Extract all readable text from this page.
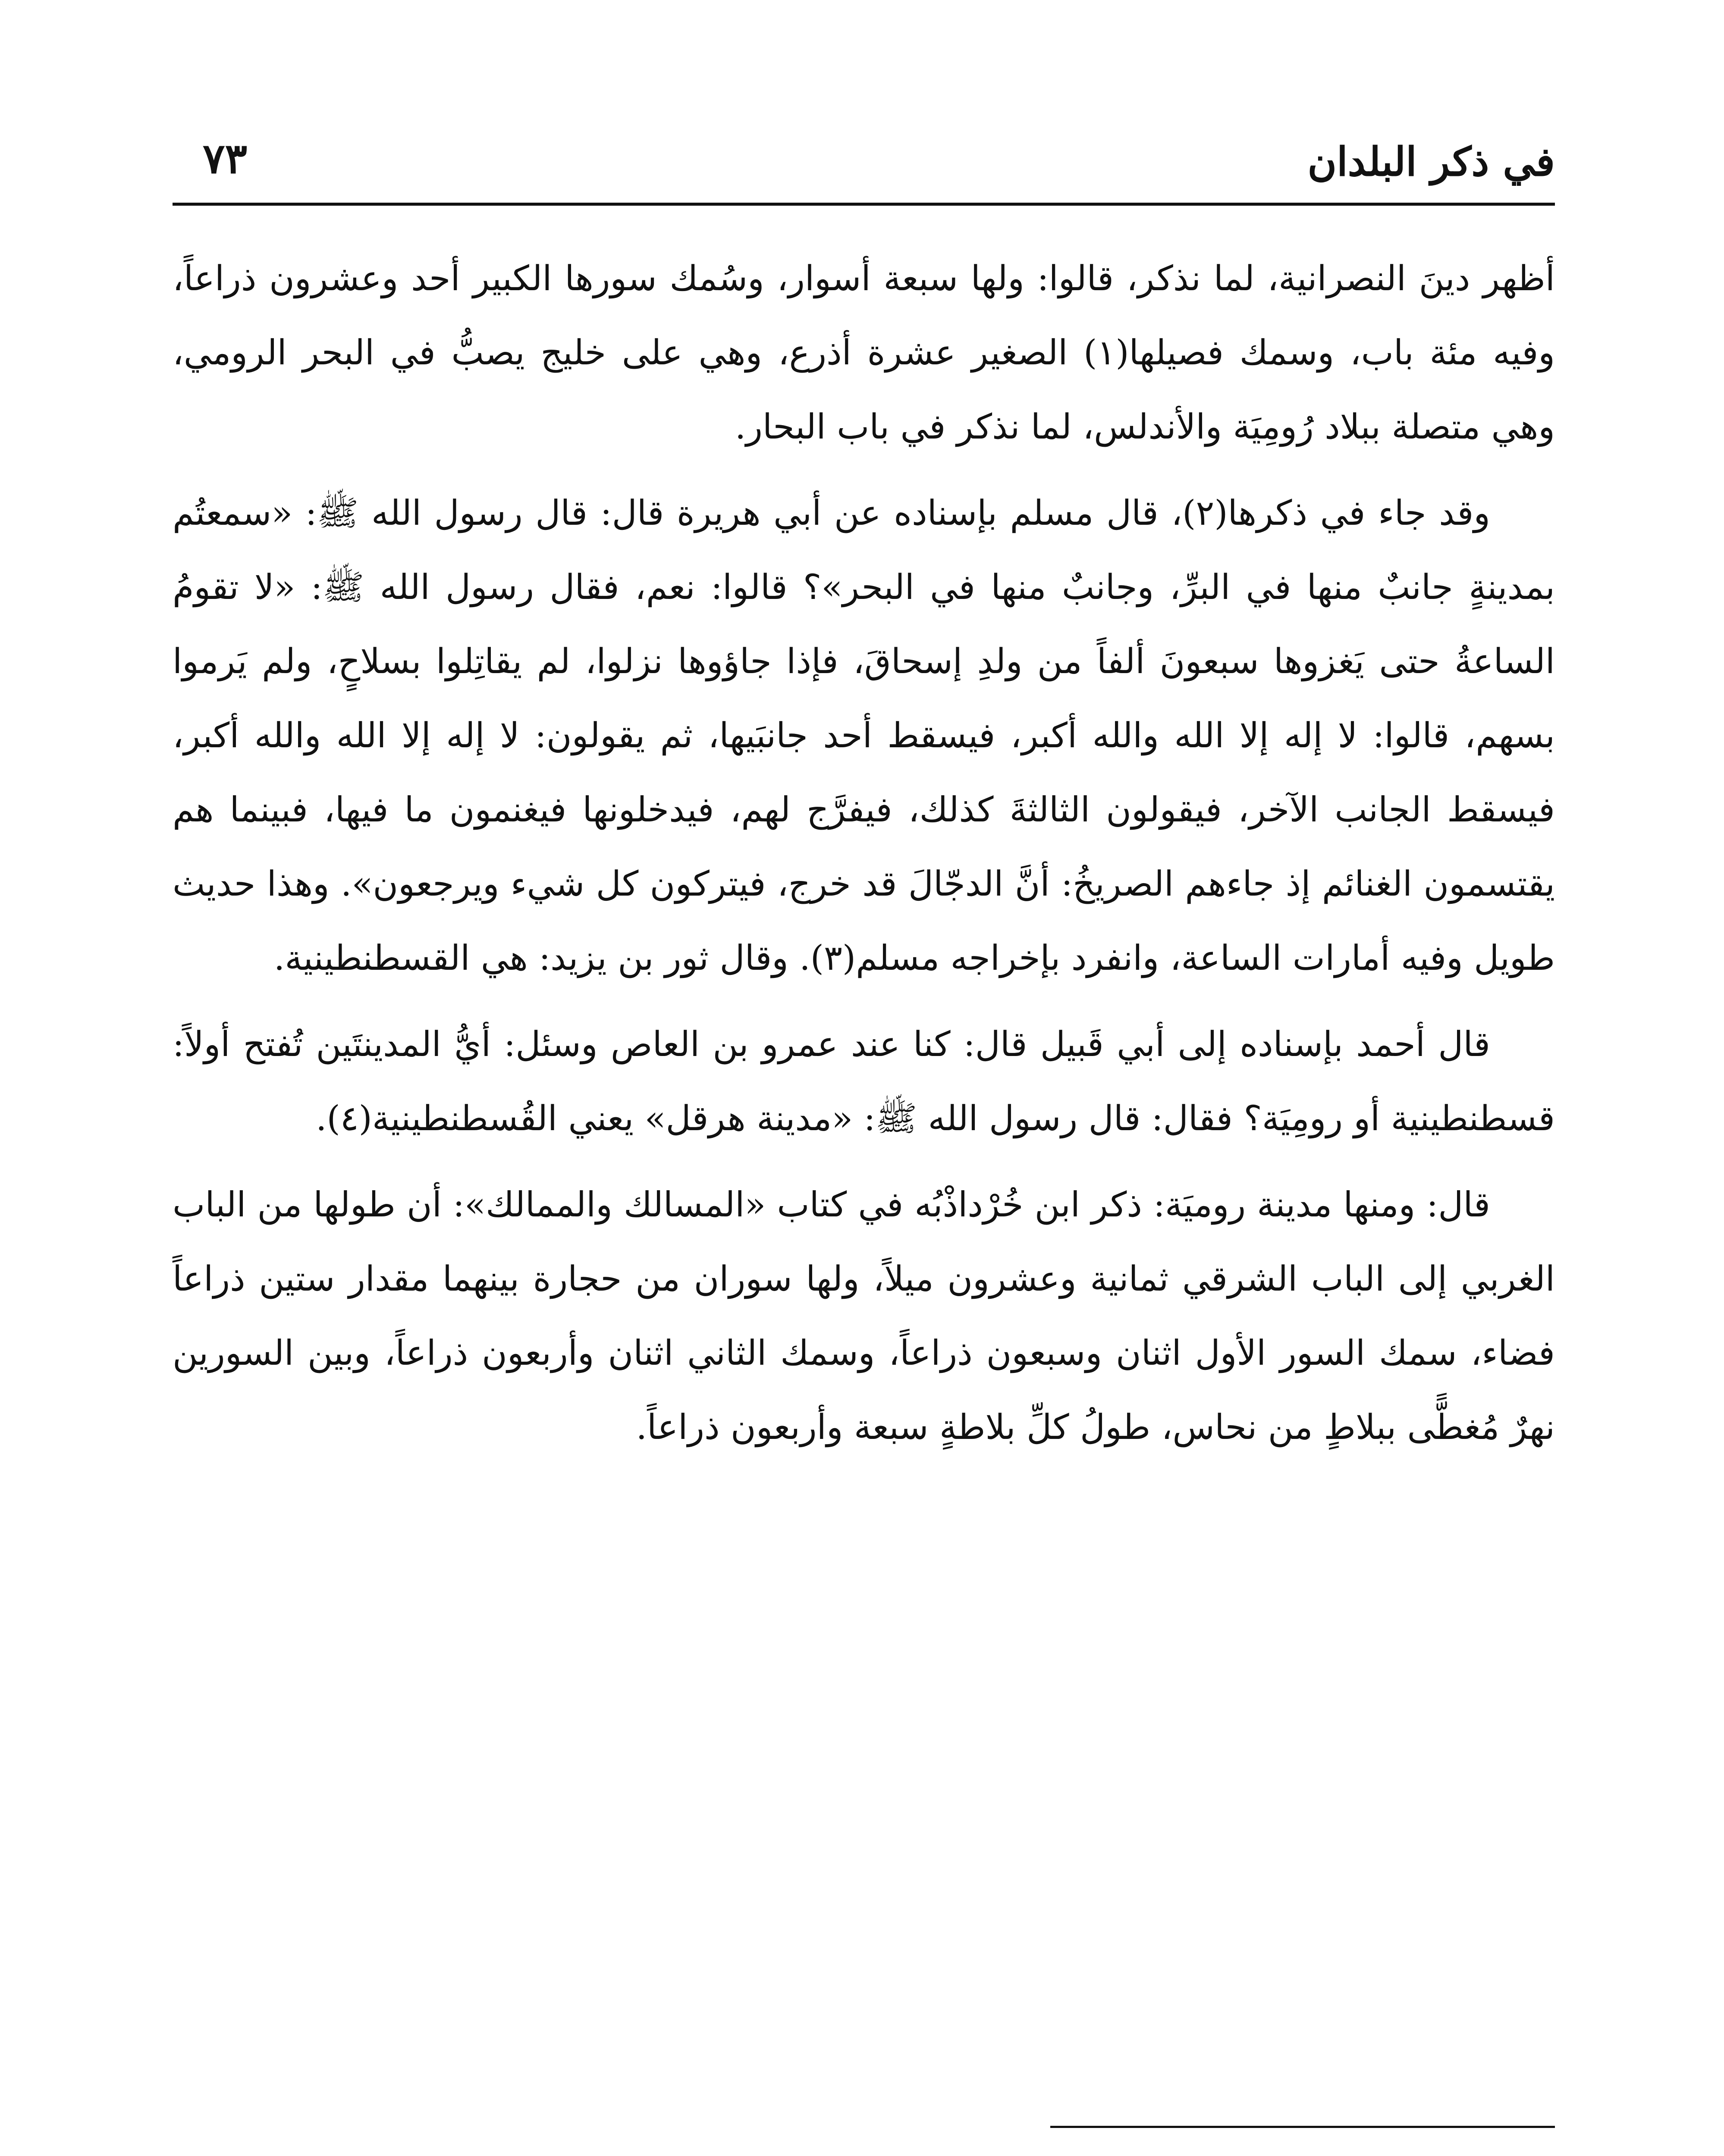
في ذكر البلدان
٧٣

أظهر دينَ النصرانية، لما نذكر، قالوا: ولها سبعة أسوار، وسُمك سورها الكبير أحد وعشرون ذراعاً، وفيه مئة باب، وسمك فصيلها(١) الصغير عشرة أذرع، وهي على خليج يصبُّ في البحر الرومي، وهي متصلة ببلاد رُومِيَة والأندلس، لما نذكر في باب البحار.

وقد جاء في ذكرها(٢)، قال مسلم بإسناده عن أبي هريرة قال: قال رسول الله ﷺ: «سمعتُم بمدينةٍ جانبٌ منها في البرِّ، وجانبٌ منها في البحر»؟ قالوا: نعم، فقال رسول الله ﷺ: «لا تقومُ الساعةُ حتى يَغزوها سبعونَ ألفاً من ولدِ إسحاقَ، فإذا جاؤوها نزلوا، لم يقاتِلوا بسلاحٍ، ولم يَرموا بسهم، قالوا: لا إله إلا الله والله أكبر، فيسقط أحد جانبَيها، ثم يقولون: لا إله إلا الله والله أكبر، فيسقط الجانب الآخر، فيقولون الثالثةَ كذلك، فيفرَّج لهم، فيدخلونها فيغنمون ما فيها، فبينما هم يقتسمون الغنائم إذ جاءهم الصريخُ: أنَّ الدجّالَ قد خرج، فيتركون كل شيء ويرجعون». وهذا حديث طويل وفيه أمارات الساعة، وانفرد بإخراجه مسلم(٣). وقال ثور بن يزيد: هي القسطنطينية.

قال أحمد بإسناده إلى أبي قَبيل قال: كنا عند عمرو بن العاص وسئل: أيُّ المدينتَين تُفتح أولاً: قسطنطينية أو رومِيَة؟ فقال: قال رسول الله ﷺ: «مدينة هرقل» يعني القُسطنطينية(٤).

قال: ومنها مدينة روميَة: ذكر ابن خُرْداذْبُه في كتاب «المسالك والممالك»: أن طولها من الباب الغربي إلى الباب الشرقي ثمانية وعشرون ميلاً، ولها سوران من حجارة بينهما مقدار ستين ذراعاً فضاء، سمك السور الأول اثنان وسبعون ذراعاً، وسمك الثاني اثنان وأربعون ذراعاً، وبين السورين نهرٌ مُغطًّى ببلاطٍ من نحاس، طولُ كلِّ بلاطةٍ سبعة وأربعون ذراعاً.
